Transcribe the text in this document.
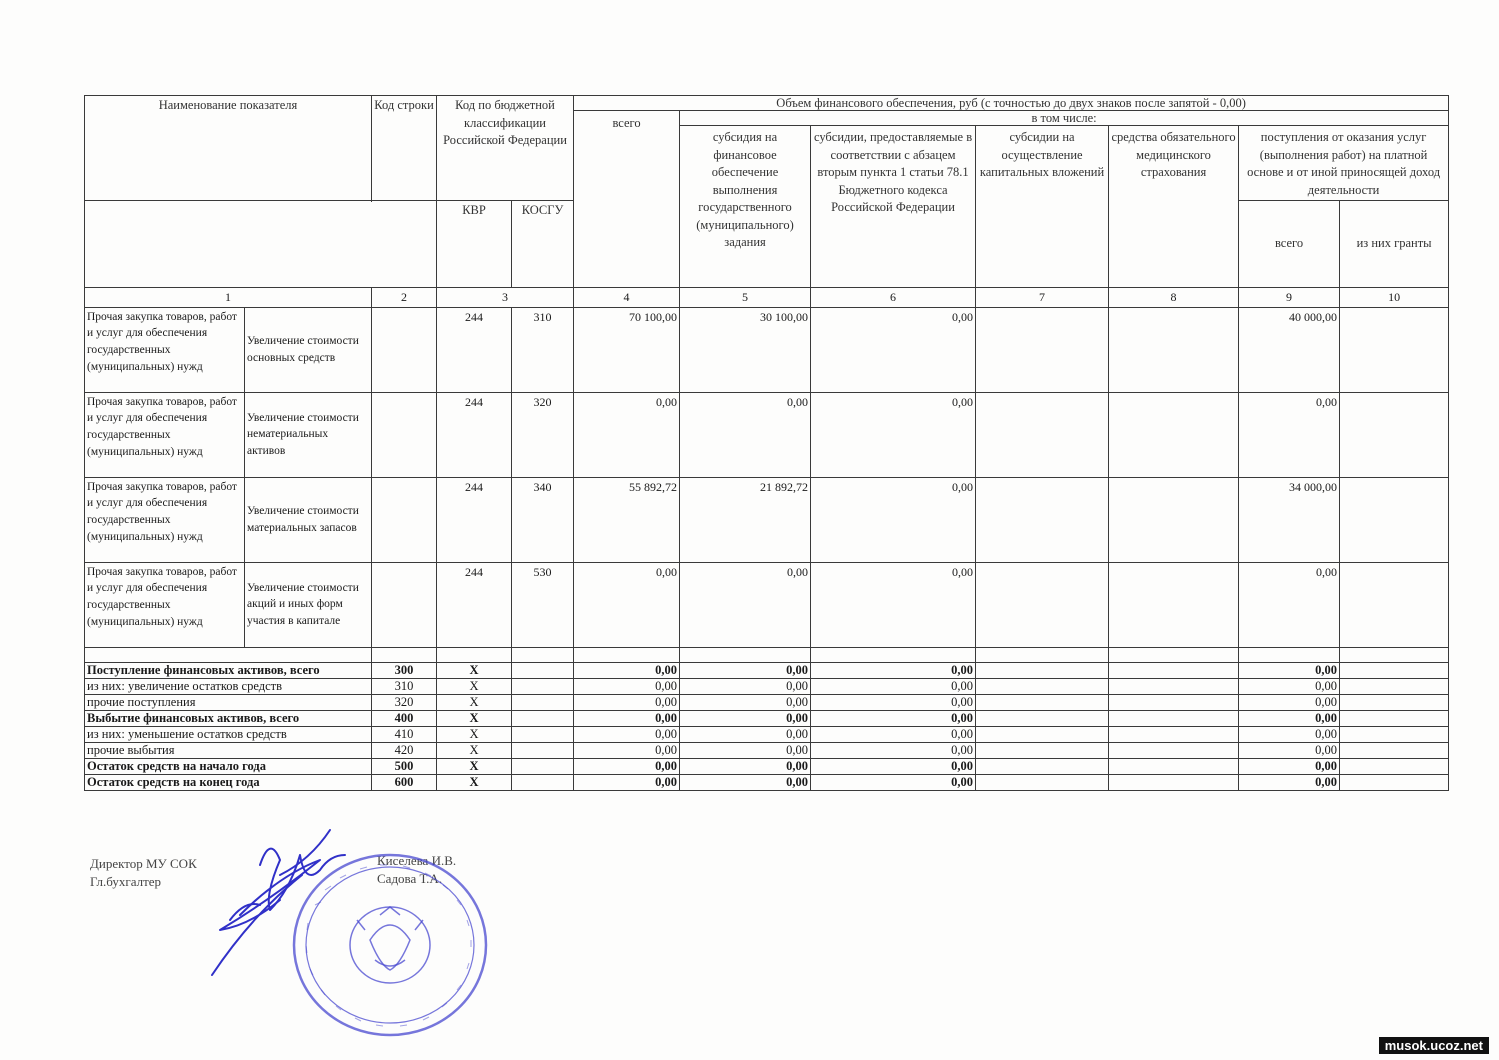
Наименование показателя		Код строки	Код по бюджетной классификации Российской Федерации		Объем финансового обеспечения, руб (с точностью до двух знаков после запятой - 0,00)						
					всего	в том числе:					
						субсидия на финансовое обеспечение выполнения государственного (муниципального) задания	субсидии, предоставляемые в соответствии с абзацем вторым пункта 1 статьи 78.1 Бюджетного кодекса Российской Федерации	субсидии на осуществление капитальных вложений	средства обязательного медицинского страхования	поступления от оказания услуг (выполнения работ) на платной основе и от иной приносящей доход деятельности	
			КВР	КОСГУ						всего	из них гранты

1		2	3		4	5	6	7	8	9	10
Прочая закупка товаров, работ и услуг для обеспечения государственных (муниципальных) нужд	Увеличение стоимости основных средств		244	310	70 100,00	30 100,00	0,00			40 000,00	
Прочая закупка товаров, работ и услуг для обеспечения государственных (муниципальных) нужд	Увеличение стоимости нематериальных активов		244	320	0,00	0,00	0,00			0,00	
Прочая закупка товаров, работ и услуг для обеспечения государственных (муниципальных) нужд	Увеличение стоимости материальных запасов		244	340	55 892,72	21 892,72	0,00			34 000,00	
Прочая закупка товаров, работ и услуг для обеспечения государственных (муниципальных) нужд	Увеличение стоимости акций и иных форм участия в капитале		244	530	0,00	0,00	0,00			0,00	

Поступление финансовых активов, всего		300	X		0,00	0,00	0,00			0,00	
из них: увеличение остатков средств		310	X		0,00	0,00	0,00			0,00	
прочие поступления		320	X		0,00	0,00	0,00			0,00	
Выбытие финансовых активов, всего		400	X		0,00	0,00	0,00			0,00	
из них: уменьшение остатков средств		410	X		0,00	0,00	0,00			0,00	
прочие выбытия		420	X		0,00	0,00	0,00			0,00	
Остаток средств на начало года		500	X		0,00	0,00	0,00			0,00	
Остаток средств на конец года		600	X		0,00	0,00	0,00			0,00	
Директор МУ СОК
Гл.бухгалтер
Киселева И.В.
Садова Т.А.
musok.ucoz.net
